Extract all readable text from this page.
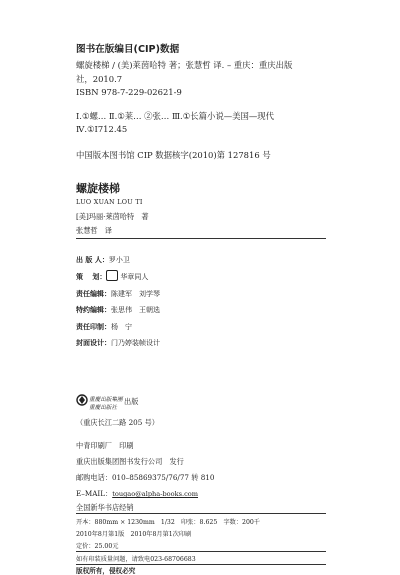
图书在版编目(CIP)数据
螺旋楼梯 / (美)莱茵哈特 著；张慧哲 译. – 重庆：重庆出版
社，2010.7
ISBN 978-7-229-02621-9
Ⅰ.①螺… Ⅱ.①莱… ②张… Ⅲ.①长篇小说—美国—现代
Ⅳ.①I712.45
中国版本图书馆 CIP 数据核字(2010)第 127816 号
螺旋楼梯
LUO XUAN LOU TI
[美]玛丽·莱茵哈特　著
张慧哲　译
出 版 人：罗小卫
策　 划： 华章同人
责任编辑：陈建军　刘学琴
特约编辑：张思伟　王朝选
责任印制：杨　宁
封面设计：门乃婷装帧设计
重慶出版集團
重慶出版社
出版
（重庆长江二路 205 号）
中青印刷厂　印刷
重庆出版集团图书发行公司　发行
邮购电话：010–85869375/76/77 转 810
E–MAIL：tougao@alpha-books.com
全国新华书店经销
开本：880mm × 1230mm　1/32　印张：8.625　字数：200千
2010年8月第1版　2010年8月第1次印刷
定价：25.00元
如有印装质量问题，请致电023-68706683
版权所有，侵权必究
